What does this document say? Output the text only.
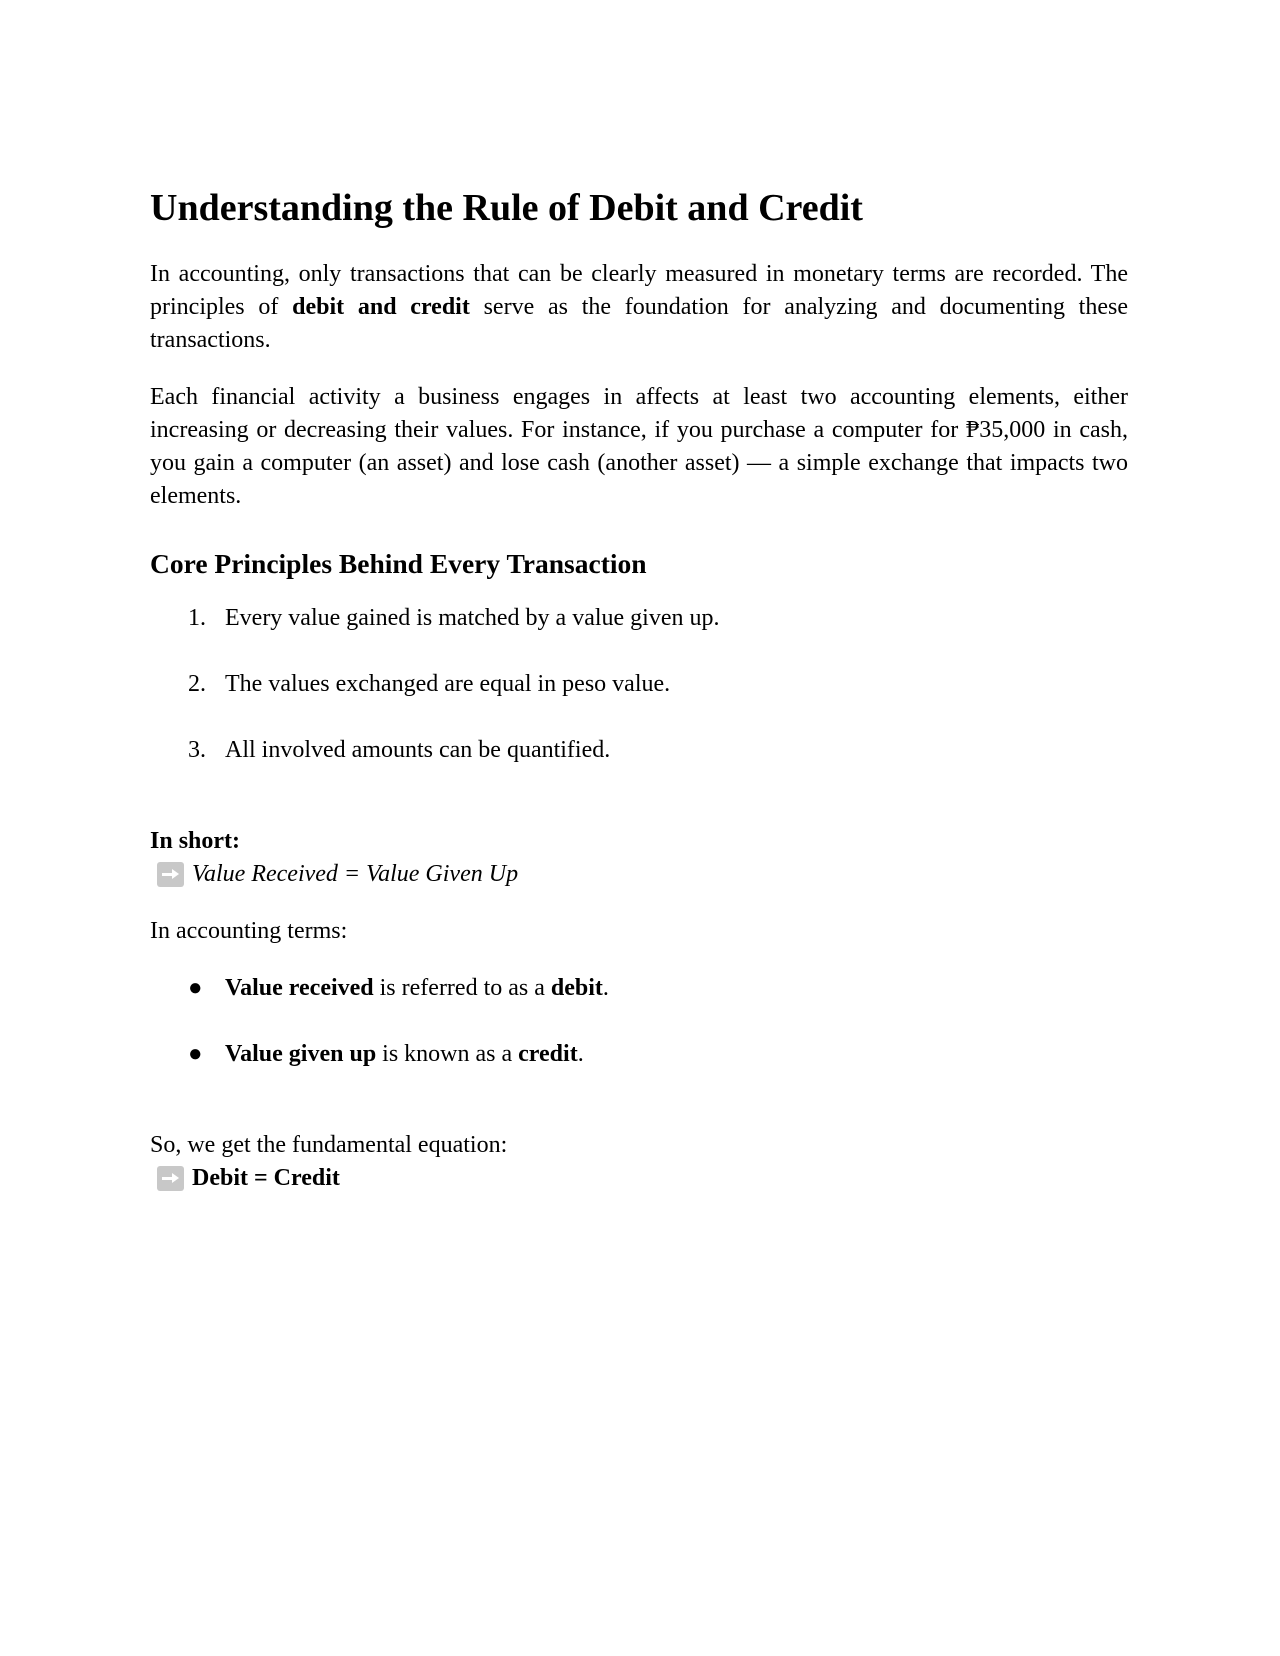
Understanding the Rule of Debit and Credit

In accounting, only transactions that can be clearly measured in monetary terms are recorded. The principles of debit and credit serve as the foundation for analyzing and documenting these transactions.

Each financial activity a business engages in affects at least two accounting elements, either increasing or decreasing their values. For instance, if you purchase a computer for ₱35,000 in cash, you gain a computer (an asset) and lose cash (another asset) — a simple exchange that impacts two elements.

Core Principles Behind Every Transaction
1. Every value gained is matched by a value given up.
2. The values exchanged are equal in peso value.
3. All involved amounts can be quantified.
In short:
Value Received = Value Given Up
In accounting terms:
● Value received is referred to as a debit.
● Value given up is known as a credit.
So, we get the fundamental equation:
Debit = Credit
